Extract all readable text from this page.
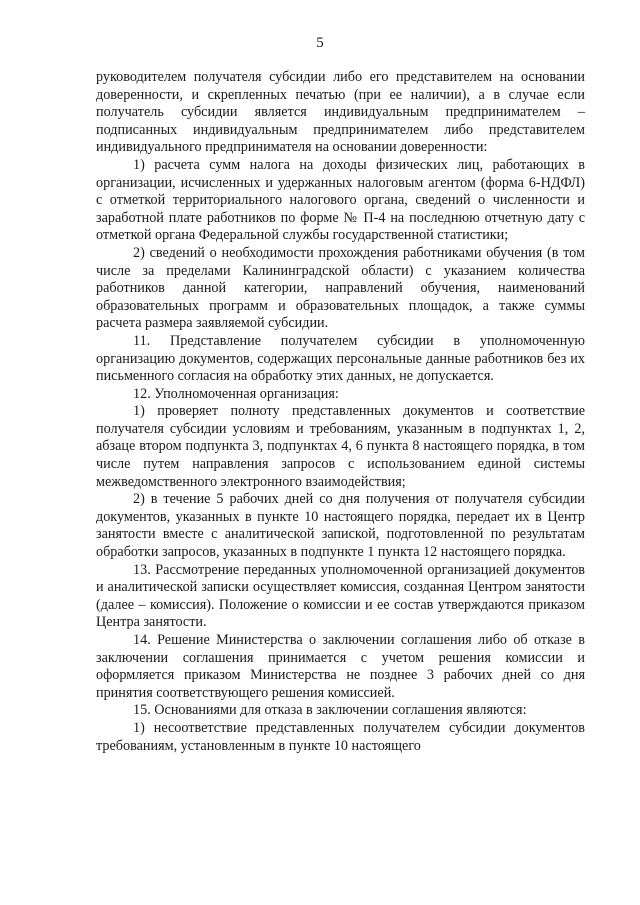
5

руководителем получателя субсидии либо его представителем на основании доверенности, и скрепленных печатью (при ее наличии), а в случае если получатель субсидии является индивидуальным предпринимателем – подписанных индивидуальным предпринимателем либо представителем индивидуального предпринимателя на основании доверенности:

1) расчета сумм налога на доходы физических лиц, работающих в организации, исчисленных и удержанных налоговым агентом (форма 6-НДФЛ) с отметкой территориального налогового органа, сведений о численности и заработной плате работников по форме № П-4 на последнюю отчетную дату с отметкой органа Федеральной службы государственной статистики;

2) сведений о необходимости прохождения работниками обучения (в том числе за пределами Калининградской области) с указанием количества работников данной категории, направлений обучения, наименований образовательных программ и образовательных площадок, а также суммы расчета размера заявляемой субсидии.

11. Представление получателем субсидии в уполномоченную организацию документов, содержащих персональные данные работников без их письменного согласия на обработку этих данных, не допускается.

12. Уполномоченная организация:

1) проверяет полноту представленных документов и соответствие получателя субсидии условиям и требованиям, указанным в подпунктах 1, 2, абзаце втором подпункта 3, подпунктах 4, 6 пункта 8 настоящего порядка, в том числе путем направления запросов с использованием единой системы межведомственного электронного взаимодействия;

2) в течение 5 рабочих дней со дня получения от получателя субсидии документов, указанных в пункте 10 настоящего порядка, передает их в Центр занятости вместе с аналитической запиской, подготовленной по результатам обработки запросов, указанных в подпункте 1 пункта 12 настоящего порядка.

13. Рассмотрение переданных уполномоченной организацией документов и аналитической записки осуществляет комиссия, созданная Центром занятости (далее – комиссия). Положение о комиссии и ее состав утверждаются приказом Центра занятости.

14. Решение Министерства о заключении соглашения либо об отказе в заключении соглашения принимается с учетом решения комиссии и оформляется приказом Министерства не позднее 3 рабочих дней со дня принятия соответствующего решения комиссией.

15. Основаниями для отказа в заключении соглашения являются:

1) несоответствие представленных получателем субсидии документов требованиям, установленным в пункте 10 настоящего
